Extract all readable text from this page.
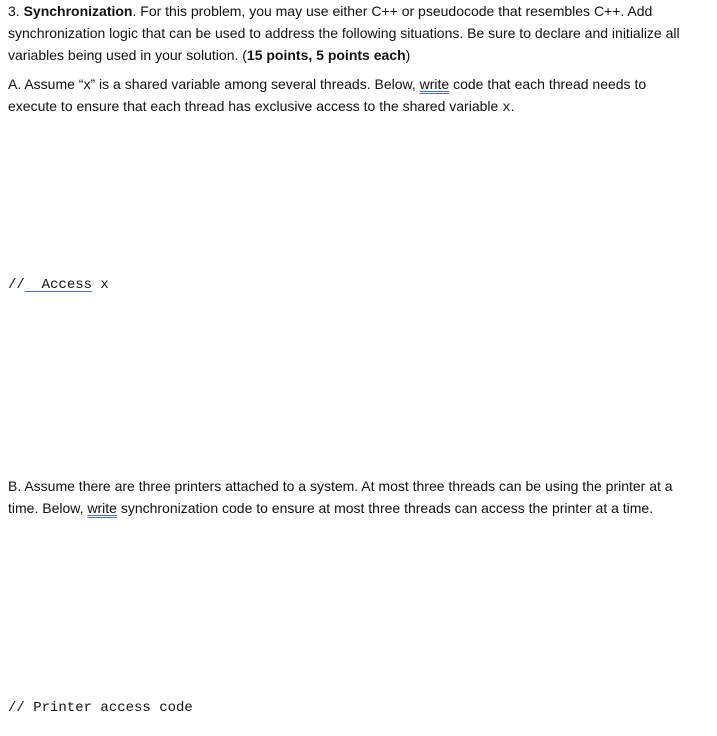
3. Synchronization. For this problem, you may use either C++ or pseudocode that resembles C++. Add synchronization logic that can be used to address the following situations. Be sure to declare and initialize all variables being used in your solution. (15 points, 5 points each)

A. Assume “x” is a shared variable among several threads. Below, write code that each thread needs to execute to ensure that each thread has exclusive access to the shared variable x.

//  Access x

B. Assume there are three printers attached to a system. At most three threads can be using the printer at a time. Below, write synchronization code to ensure at most three threads can access the printer at a time.

// Printer access code
